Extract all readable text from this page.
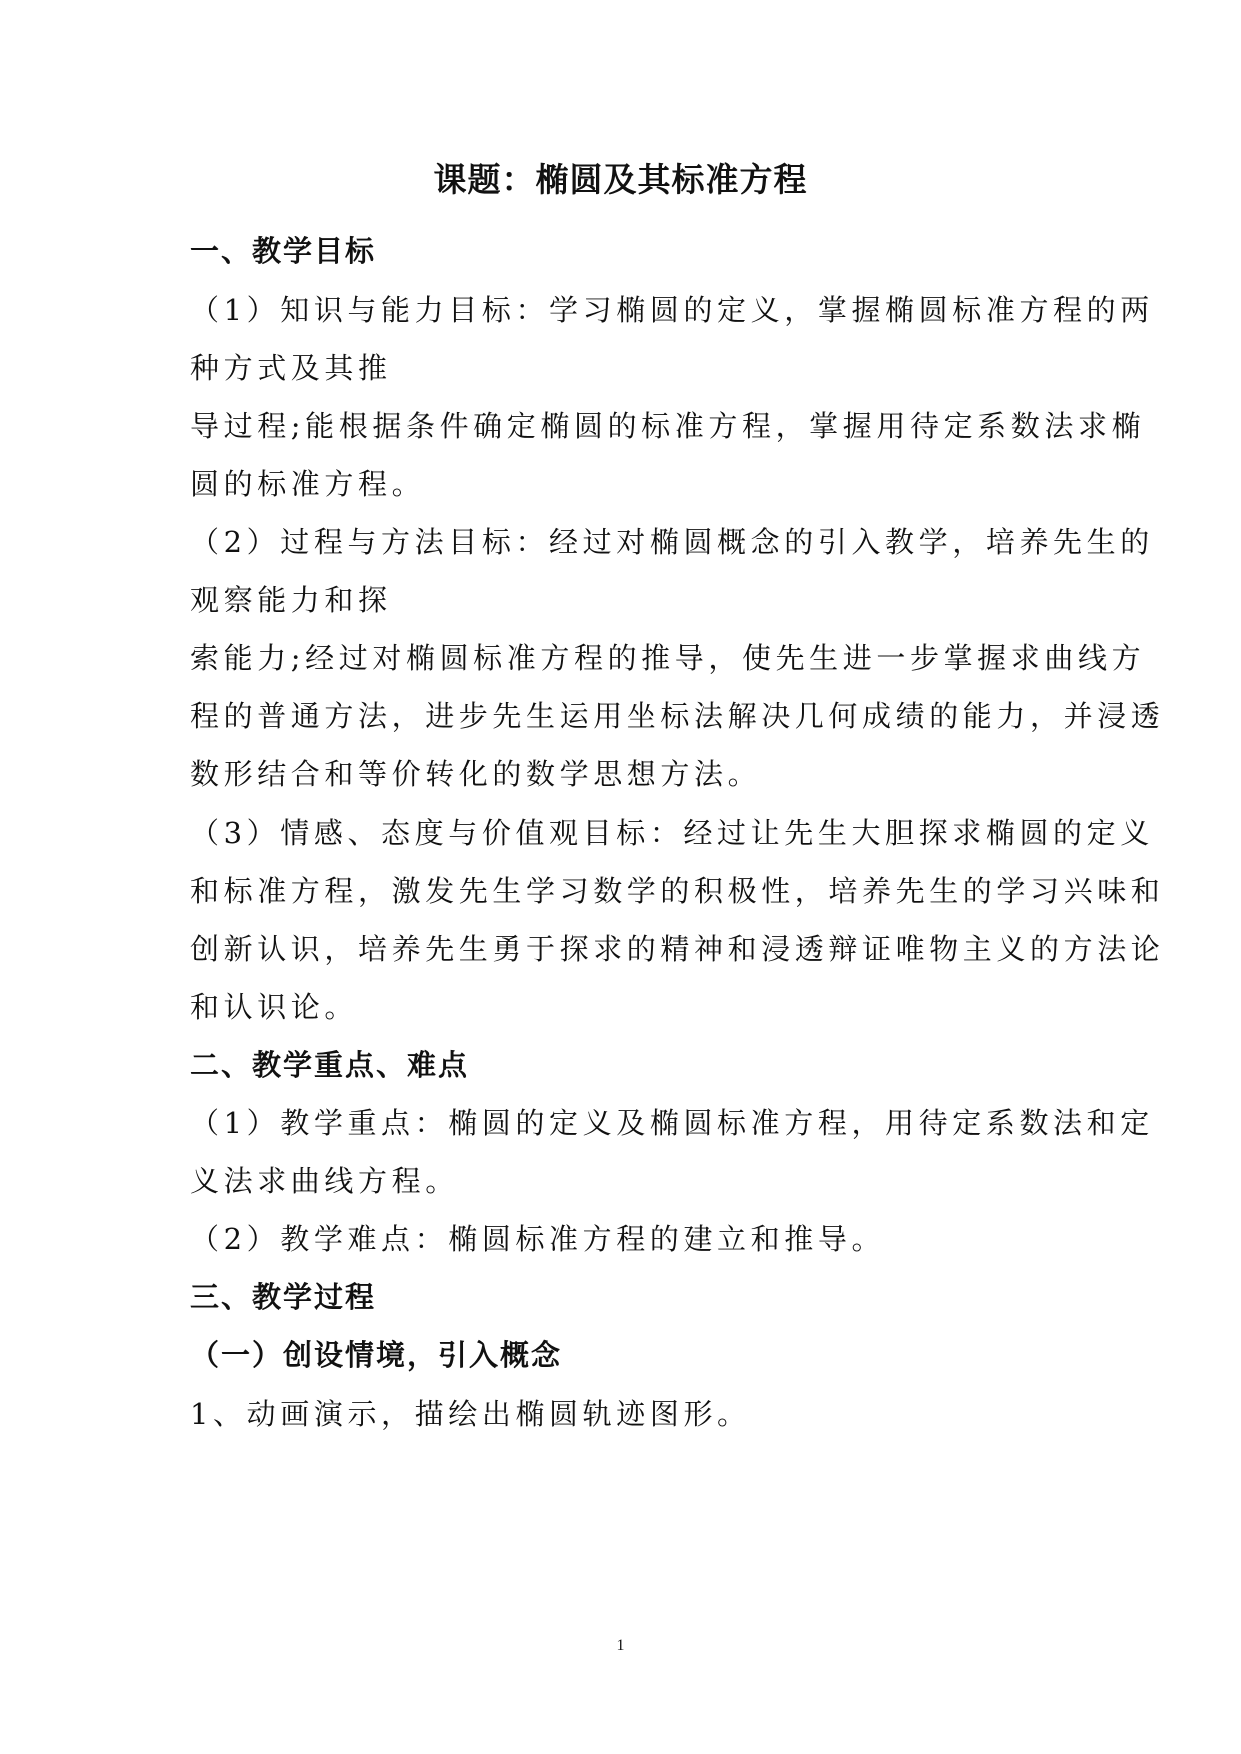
课题：椭圆及其标准方程
一、教学目标
（1）知识与能力目标：学习椭圆的定义，掌握椭圆标准方程的两
种方式及其推
导过程;能根据条件确定椭圆的标准方程，掌握用待定系数法求椭
圆的标准方程。
（2）过程与方法目标：经过对椭圆概念的引入教学，培养先生的
观察能力和探
索能力;经过对椭圆标准方程的推导，使先生进一步掌握求曲线方
程的普通方法，进步先生运用坐标法解决几何成绩的能力，并浸透
数形结合和等价转化的数学思想方法。
（3）情感、态度与价值观目标：经过让先生大胆探求椭圆的定义
和标准方程，激发先生学习数学的积极性，培养先生的学习兴味和
创新认识，培养先生勇于探求的精神和浸透辩证唯物主义的方法论
和认识论。
二、教学重点、难点
（1）教学重点：椭圆的定义及椭圆标准方程，用待定系数法和定
义法求曲线方程。
（2）教学难点：椭圆标准方程的建立和推导。
三、教学过程
（一）创设情境，引入概念
1、动画演示，描绘出椭圆轨迹图形。
1
